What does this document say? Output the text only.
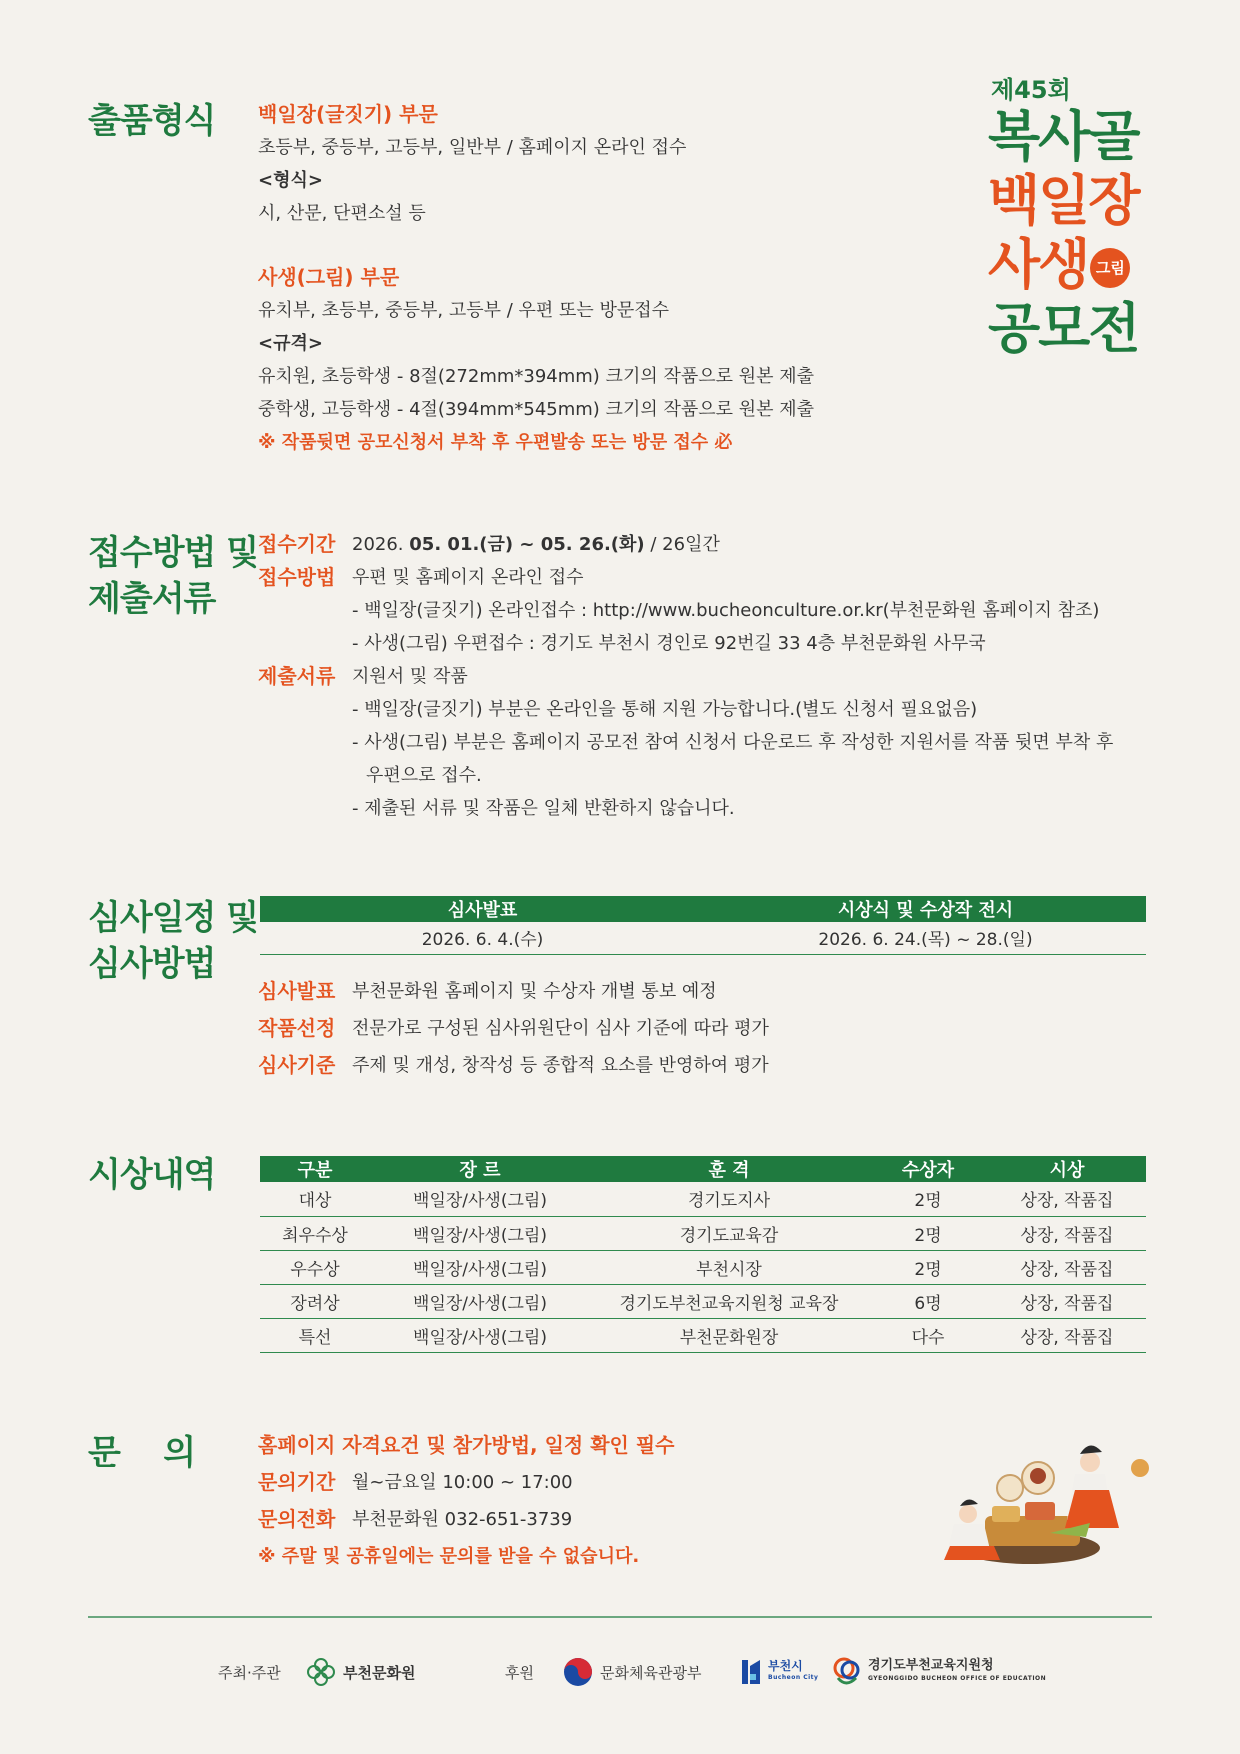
제45회
복사골
백일장
사생 그림
공모전
출품형식 백일장(글짓기) 부문
초등부, 중등부, 고등부, 일반부 / 홈페이지 온라인 접수
<형식>
시, 산문, 단편소설 등
사생(그림) 부문
유치부, 초등부, 중등부, 고등부 / 우편 또는 방문접수
<규격>
유치원, 초등학생 - 8절(272mm*394mm) 크기의 작품으로 원본 제출
중학생, 고등학생 - 4절(394mm*545mm) 크기의 작품으로 원본 제출
※ 작품뒷면 공모신청서 부착 후 우편발송 또는 방문 접수 必
접수방법 및
제출서류
접수기간 2026. 05. 01.(금) ~ 05. 26.(화) / 26일간
접수방법 우편 및 홈페이지 온라인 접수
- 백일장(글짓기) 온라인접수 : http://www.bucheonculture.or.kr(부천문화원 홈페이지 참조)
- 사생(그림) 우편접수 : 경기도 부천시 경인로 92번길 33 4층 부천문화원 사무국
제출서류 지원서 및 작품
- 백일장(글짓기) 부분은 온라인을 통해 지원 가능합니다.(별도 신청서 필요없음)
- 사생(그림) 부분은 홈페이지 공모전 참여 신청서 다운로드 후 작성한 지원서를 작품 뒷면 부착 후
우편으로 접수.
- 제출된 서류 및 작품은 일체 반환하지 않습니다.
심사일정 및
심사방법
심사발표	시상식 및 수상작 전시
2026. 6. 4.(수)	2026. 6. 24.(목) ~ 28.(일)
심사발표 부천문화원 홈페이지 및 수상자 개별 통보 예정
작품선정 전문가로 구성된 심사위원단이 심사 기준에 따라 평가
심사기준 주제 및 개성, 창작성 등 종합적 요소를 반영하여 평가
시상내역	구분	장 르	훈 격	수상자	시상
대상	백일장/사생(그림)	경기도지사	2명	상장, 작품집
최우수상	백일장/사생(그림)	경기도교육감	2명	상장, 작품집
우수상	백일장/사생(그림)	부천시장	2명	상장, 작품집
장려상	백일장/사생(그림)	경기도부천교육지원청 교육장	6명	상장, 작품집
특선	백일장/사생(그림)	부천문화원장	다수	상장, 작품집
문    의	홈페이지 자격요건 및 참가방법, 일정 확인 필수
문의기간 월~금요일 10:00 ~ 17:00
문의전화 부천문화원 032-651-3739
※ 주말 및 공휴일에는 문의를 받을 수 없습니다.
주최·주관	부천문화원	후원	문화체육관광부	부천시
Bucheon City
경기도부천교육지원청
GYEONGGIDO BUCHEON OFFICE OF EDUCATION
